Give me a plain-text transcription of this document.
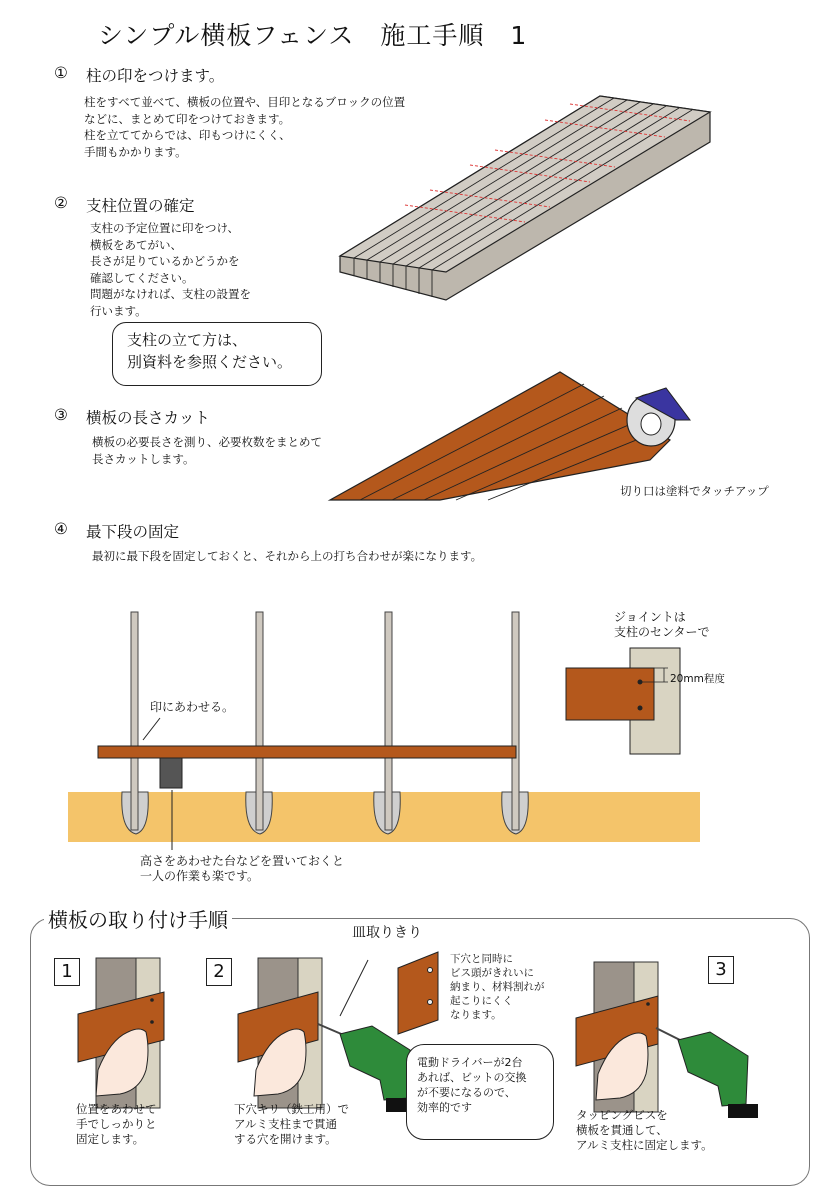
シンプル横板フェンス　施工手順　1
① 柱の印をつけます。
柱をすべて並べて、横板の位置や、目印となるブロックの位置
などに、まとめて印をつけておきます。
柱を立ててからでは、印もつけにくく、
手間もかかります。
② 支柱位置の確定
支柱の予定位置に印をつけ、
横板をあてがい、
長さが足りているかどうかを
確認してください。
問題がなければ、支柱の設置を
行います。
支柱の立て方は、
別資料を参照ください。
③ 横板の長さカット
横板の必要長さを測り、必要枚数をまとめて
長さカットします。
切り口は塗料でタッチアップ
④ 最下段の固定
最初に最下段を固定しておくと、それから上の打ち合わせが楽になります。
印にあわせる。
ジョイントは
支柱のセンターで
20mm程度
高さをあわせた台などを置いておくと
一人の作業も楽です。
横板の取り付け手順
皿取りきり
下穴と同時に
ビス頭がきれいに
納まり、材料割れが
起こりにくく
なります。
1	2	3
位置をあわせて
手でしっかりと
固定します。
下穴キリ（鉄工用）で
アルミ支柱まで貫通
する穴を開けます。
タッピングビスを
横板を貫通して、
アルミ支柱に固定します。
電動ドライバーが2台
あれば、ビットの交換
が不要になるので、
効率的です
